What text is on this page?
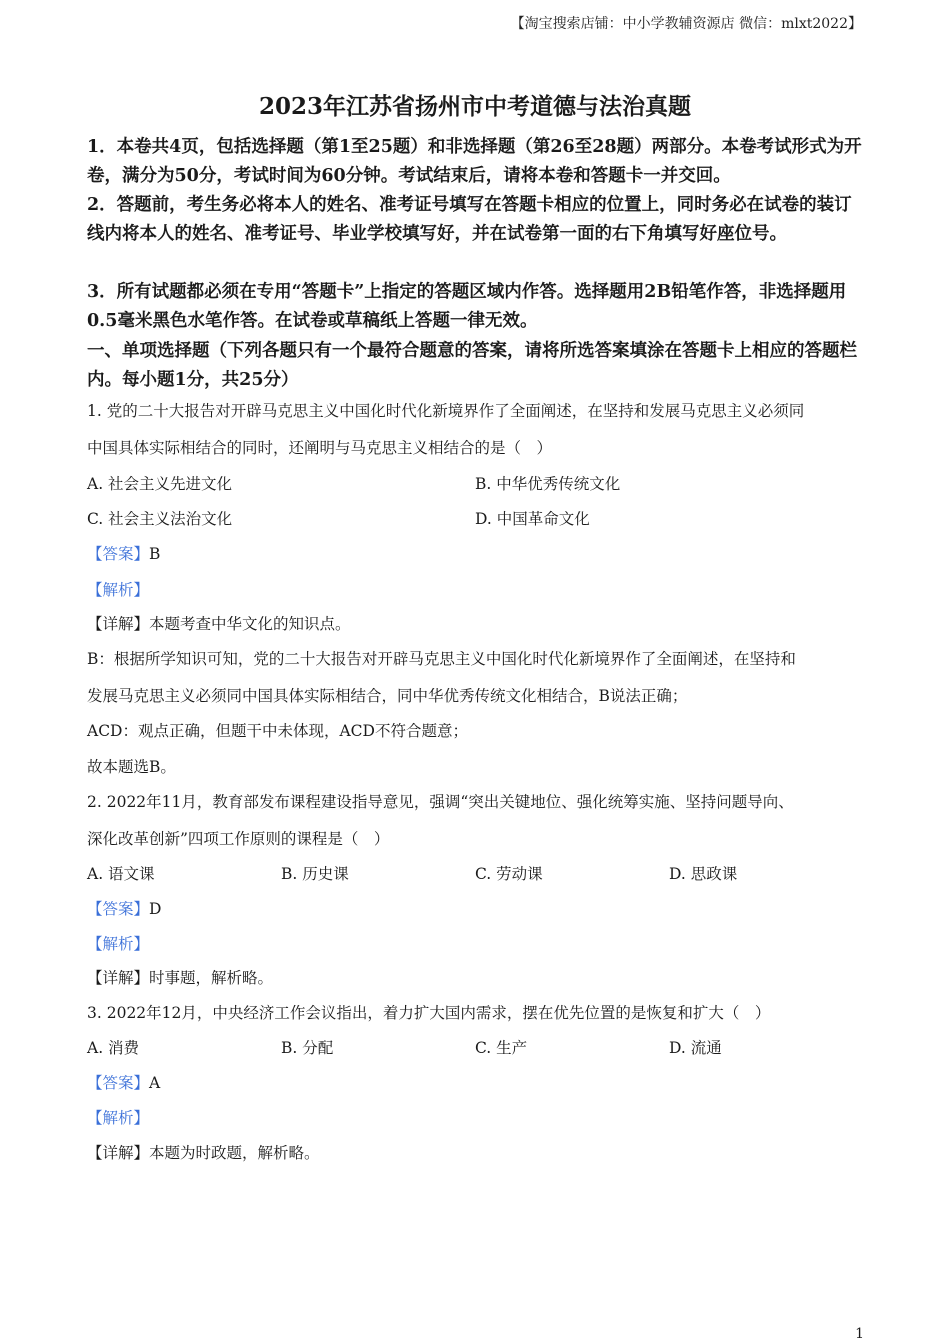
【淘宝搜索店铺：中小学教辅资源店 微信：mlxt2022】
2023年江苏省扬州市中考道德与法治真题
1．本卷共4页，包括选择题（第1至25题）和非选择题（第26至28题）两部分。本卷考试形式为开卷，满分为50分，考试时间为60分钟。考试结束后，请将本卷和答题卡一并交回。
2．答题前，考生务必将本人的姓名、准考证号填写在答题卡相应的位置上，同时务必在试卷的装订线内将本人的姓名、准考证号、毕业学校填写好，并在试卷第一面的右下角填写好座位号。
3．所有试题都必须在专用“答题卡”上指定的答题区域内作答。选择题用2B铅笔作答，非选择题用0.5毫米黑色水笔作答。在试卷或草稿纸上答题一律无效。
一、单项选择题（下列各题只有一个最符合题意的答案，请将所选答案填涂在答题卡上相应的答题栏内。每小题1分，共25分）
1. 党的二十大报告对开辟马克思主义中国化时代化新境界作了全面阐述，在坚持和发展马克思主义必须同
中国具体实际相结合的同时，还阐明与马克思主义相结合的是（　）
A. 社会主义先进文化	B. 中华优秀传统文化
C. 社会主义法治文化	D. 中国革命文化
【答案】B
【解析】
【详解】本题考查中华文化的知识点。
B：根据所学知识可知，党的二十大报告对开辟马克思主义中国化时代化新境界作了全面阐述，在坚持和
发展马克思主义必须同中国具体实际相结合，同中华优秀传统文化相结合，B说法正确；
ACD：观点正确，但题干中未体现，ACD不符合题意；
故本题选B。
2. 2022年11月，教育部发布课程建设指导意见，强调“突出关键地位、强化统筹实施、坚持问题导向、
深化改革创新”四项工作原则的课程是（　）
A. 语文课	B. 历史课	C. 劳动课	D. 思政课
【答案】D
【解析】
【详解】时事题，解析略。
3. 2022年12月，中央经济工作会议指出，着力扩大国内需求，摆在优先位置的是恢复和扩大（　）
A. 消费	B. 分配	C. 生产	D. 流通
【答案】A
【解析】
【详解】本题为时政题，解析略。
1
